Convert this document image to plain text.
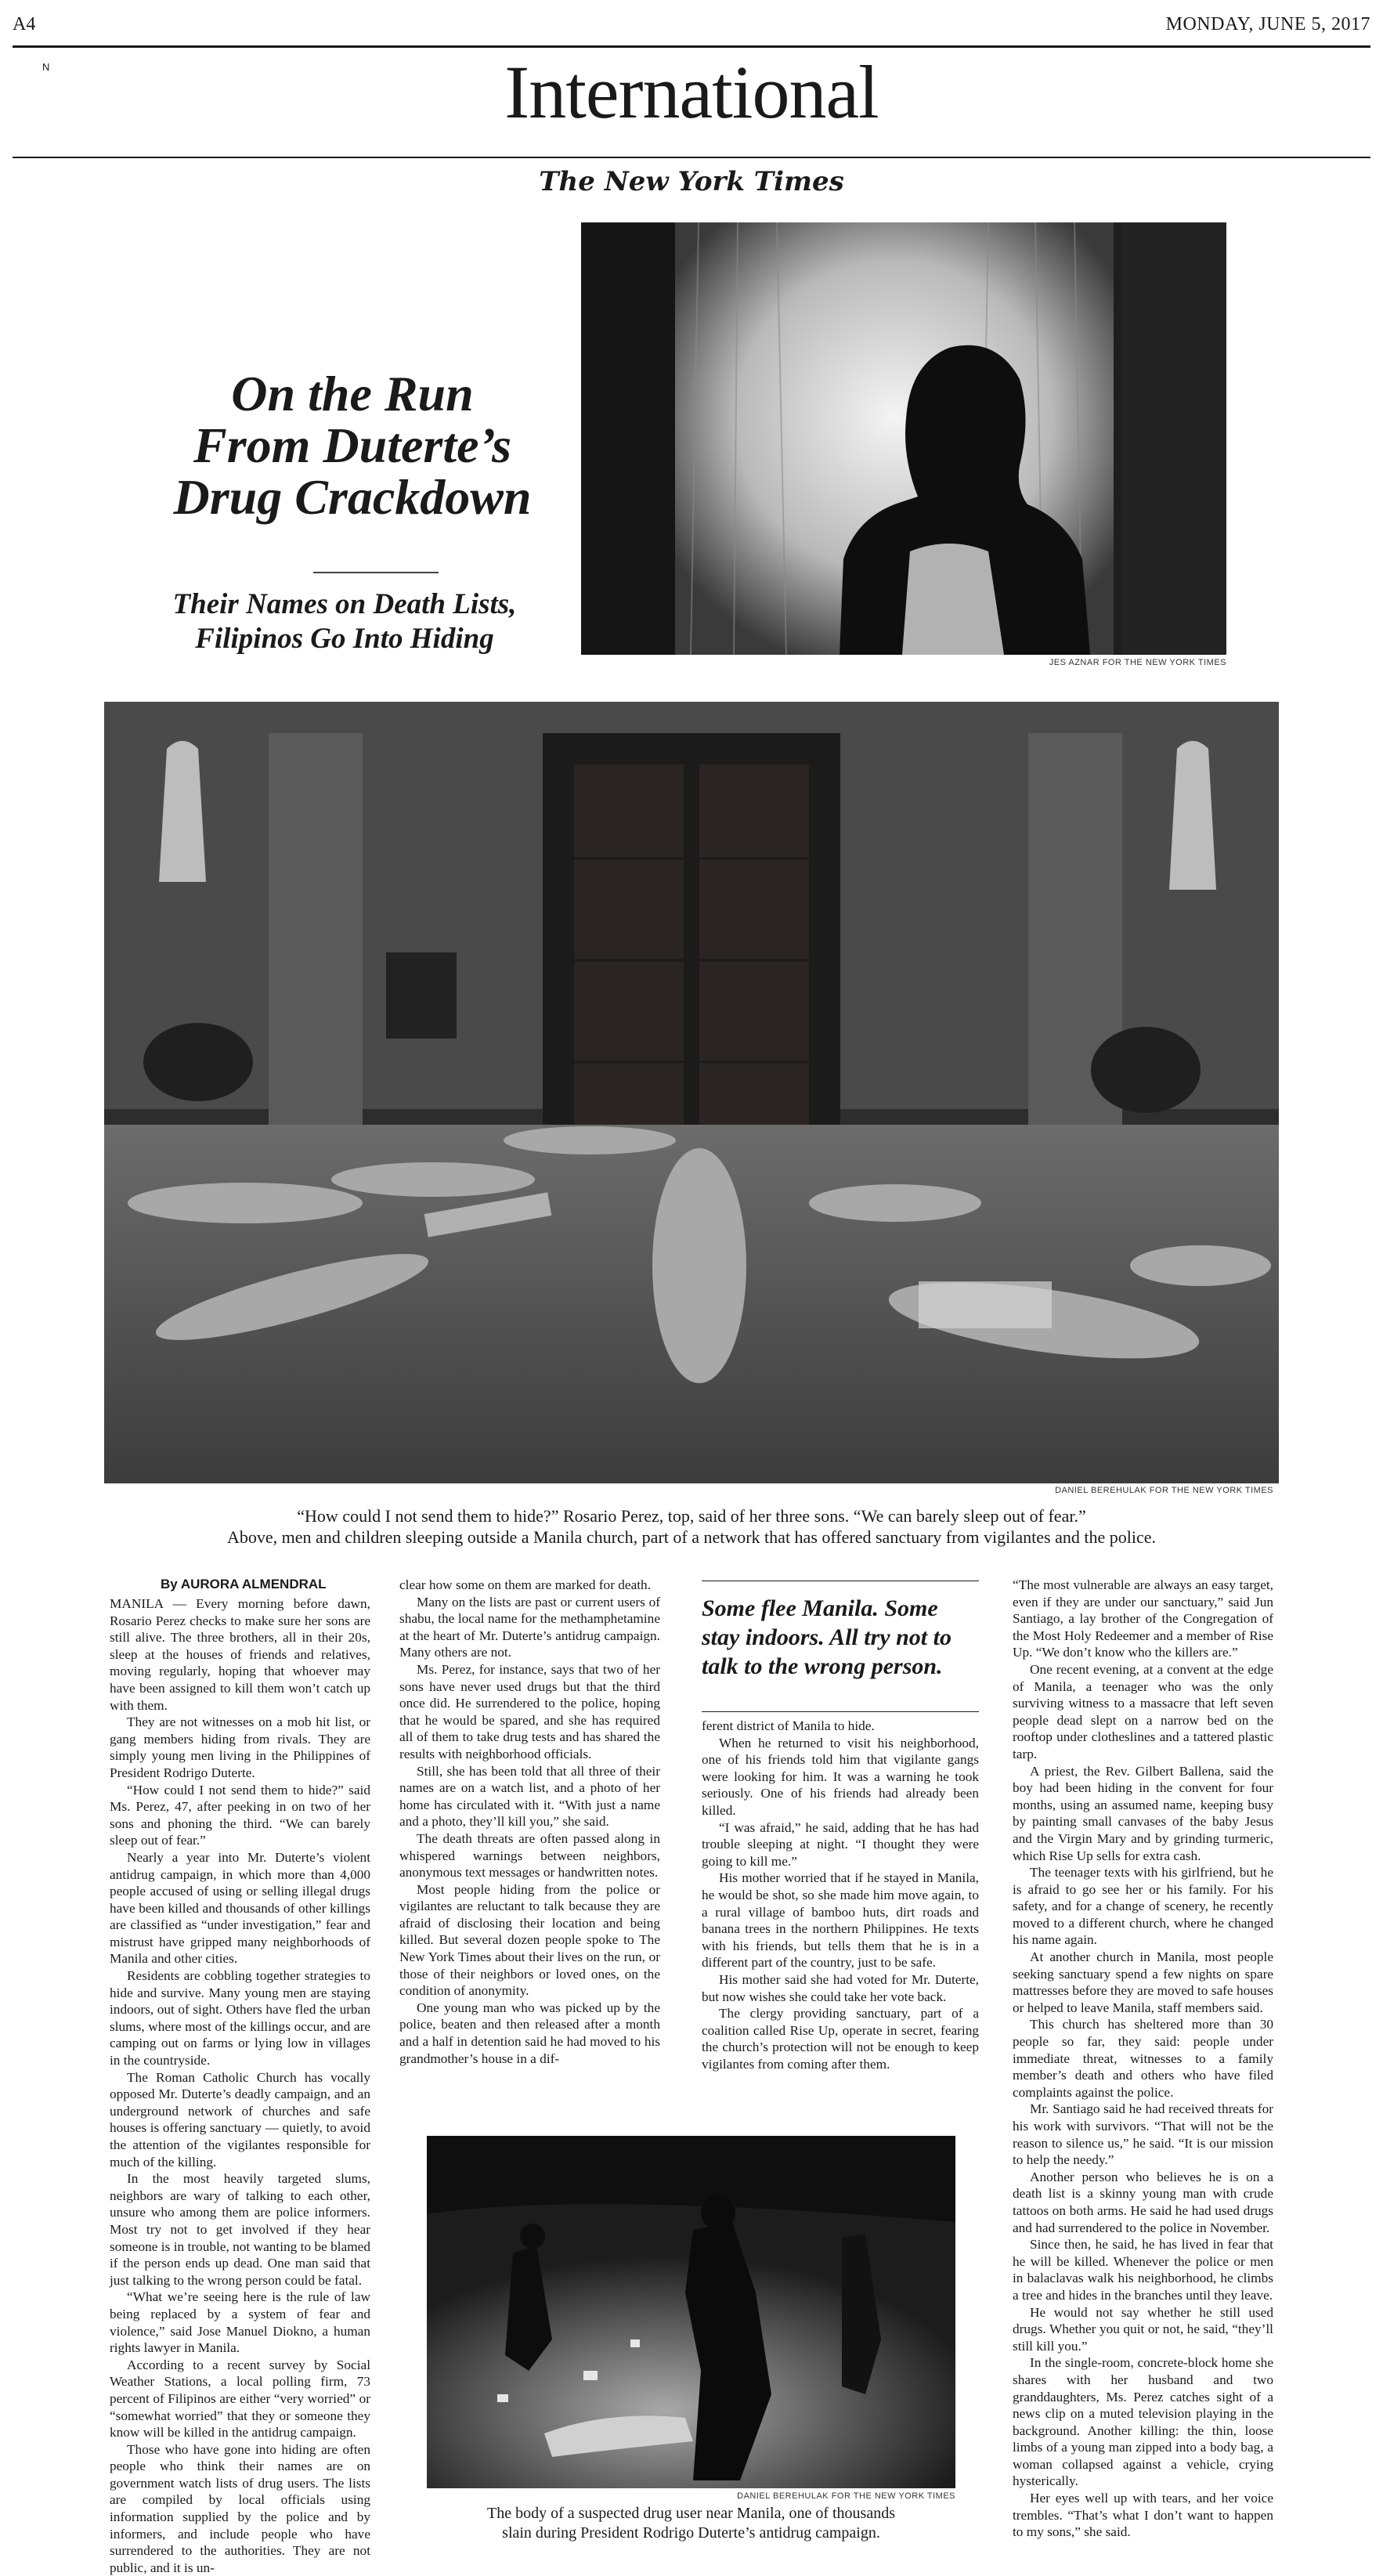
A4	MONDAY, JUNE 5, 2017
N	International
The New York Times
On the Run
From Duterte’s
Drug Crackdown
Their Names on Death Lists,
Filipinos Go Into Hiding
JES AZNAR FOR THE NEW YORK TIMES
DANIEL BEREHULAK FOR THE NEW YORK TIMES
“How could I not send them to hide?” Rosario Perez, top, said of her three sons. “We can barely sleep out of fear.”
Above, men and children sleeping outside a Manila church, part of a network that has offered sanctuary from vigilantes and the police.
By AURORA ALMENDRAL

MANILA — Every morning before dawn, Rosario Perez checks to make sure her sons are still alive. The three brothers, all in their 20s, sleep at the houses of friends and relatives, moving regularly, hoping that whoever may have been assigned to kill them won’t catch up with them.

They are not witnesses on a mob hit list, or gang members hiding from rivals. They are simply young men living in the Philippines of President Rodrigo Duterte.

“How could I not send them to hide?” said Ms. Perez, 47, after peeking in on two of her sons and phoning the third. “We can barely sleep out of fear.”

Nearly a year into Mr. Duterte’s violent antidrug campaign, in which more than 4,000 people accused of using or selling illegal drugs have been killed and thousands of other killings are classified as “under investigation,” fear and mistrust have gripped many neighborhoods of Manila and other cities.

Residents are cobbling together strategies to hide and survive. Many young men are staying indoors, out of sight. Others have fled the urban slums, where most of the killings occur, and are camping out on farms or lying low in villages in the countryside.

The Roman Catholic Church has vocally opposed Mr. Duterte’s deadly campaign, and an underground network of churches and safe houses is offering sanctuary — quietly, to avoid the attention of the vigilantes responsible for much of the killing.

In the most heavily targeted slums, neighbors are wary of talking to each other, unsure who among them are police informers. Most try not to get involved if they hear someone is in trouble, not wanting to be blamed if the person ends up dead. One man said that just talking to the wrong person could be fatal.

“What we’re seeing here is the rule of law being replaced by a system of fear and violence,” said Jose Manuel Diokno, a human rights lawyer in Manila.

According to a recent survey by Social Weather Stations, a local polling firm, 73 percent of Filipinos are either “very worried” or “somewhat worried” that they or someone they know will be killed in the antidrug campaign.

Those who have gone into hiding are often people who think their names are on government watch lists of drug users. The lists are compiled by local officials using information supplied by the police and by informers, and include people who have surrendered to the authorities. They are not public, and it is un-

clear how some on them are marked for death.

Many on the lists are past or current users of shabu, the local name for the methamphetamine at the heart of Mr. Duterte’s antidrug campaign. Many others are not.

Ms. Perez, for instance, says that two of her sons have never used drugs but that the third once did. He surrendered to the police, hoping that he would be spared, and she has required all of them to take drug tests and has shared the results with neighborhood officials.

Still, she has been told that all three of their names are on a watch list, and a photo of her home has circulated with it. “With just a name and a photo, they’ll kill you,” she said.

The death threats are often passed along in whispered warnings between neighbors, anonymous text messages or handwritten notes.

Most people hiding from the police or vigilantes are reluctant to talk because they are afraid of disclosing their location and being killed. But several dozen people spoke to The New York Times about their lives on the run, or those of their neighbors or loved ones, on the condition of anonymity.

One young man who was picked up by the police, beaten and then released after a month and a half in detention said he had moved to his grandmother’s house in a dif-

Some flee Manila. Some stay indoors. All try not to talk to the wrong person.

ferent district of Manila to hide.

When he returned to visit his neighborhood, one of his friends told him that vigilante gangs were looking for him. It was a warning he took seriously. One of his friends had already been killed.

“I was afraid,” he said, adding that he has had trouble sleeping at night. “I thought they were going to kill me.”

His mother worried that if he stayed in Manila, he would be shot, so she made him move again, to a rural village of bamboo huts, dirt roads and banana trees in the northern Philippines. He texts with his friends, but tells them that he is in a different part of the country, just to be safe.

His mother said she had voted for Mr. Duterte, but now wishes she could take her vote back.

The clergy providing sanctuary, part of a coalition called Rise Up, operate in secret, fearing the church’s protection will not be enough to keep vigilantes from coming after them.

“The most vulnerable are always an easy target, even if they are under our sanctuary,” said Jun Santiago, a lay brother of the Congregation of the Most Holy Redeemer and a member of Rise Up. “We don’t know who the killers are.”

One recent evening, at a convent at the edge of Manila, a teenager who was the only surviving witness to a massacre that left seven people dead slept on a narrow bed on the rooftop under clotheslines and a tattered plastic tarp.

A priest, the Rev. Gilbert Ballena, said the boy had been hiding in the convent for four months, using an assumed name, keeping busy by painting small canvases of the baby Jesus and the Virgin Mary and by grinding turmeric, which Rise Up sells for extra cash.

The teenager texts with his girlfriend, but he is afraid to go see her or his family. For his safety, and for a change of scenery, he recently moved to a different church, where he changed his name again.

At another church in Manila, most people seeking sanctuary spend a few nights on spare mattresses before they are moved to safe houses or helped to leave Manila, staff members said.

This church has sheltered more than 30 people so far, they said: people under immediate threat, witnesses to a family member’s death and others who have filed complaints against the police.

Mr. Santiago said he had received threats for his work with survivors. “That will not be the reason to silence us,” he said. “It is our mission to help the needy.”

Another person who believes he is on a death list is a skinny young man with crude tattoos on both arms. He said he had used drugs and had surrendered to the police in November.

Since then, he said, he has lived in fear that he will be killed. Whenever the police or men in balaclavas walk his neighborhood, he climbs a tree and hides in the branches until they leave.

He would not say whether he still used drugs. Whether you quit or not, he said, “they’ll still kill you.”

In the single-room, concrete-block home she shares with her husband and two granddaughters, Ms. Perez catches sight of a news clip on a muted television playing in the background. Another killing: the thin, loose limbs of a young man zipped into a body bag, a woman collapsed against a vehicle, crying hysterically.

Her eyes well up with tears, and her voice trembles. “That’s what I don’t want to happen to my sons,” she said.

DANIEL BEREHULAK FOR THE NEW YORK TIMES
The body of a suspected drug user near Manila, one of thousands
slain during President Rodrigo Duterte’s antidrug campaign.
